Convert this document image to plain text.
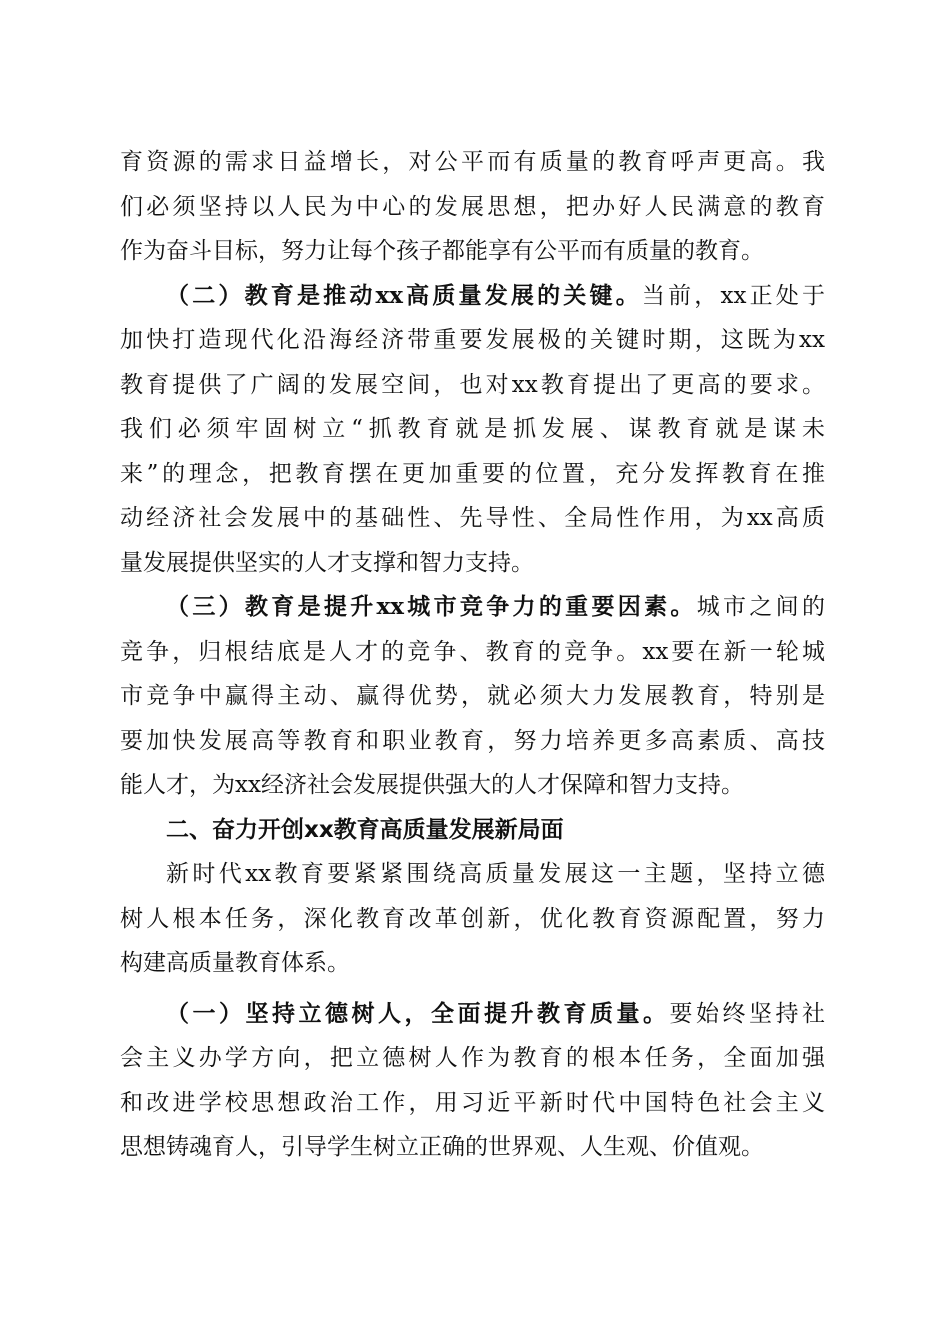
育资源的需求日益增长，对公平而有质量的教育呼声更高。我
们必须坚持以人民为中心的发展思想，把办好人民满意的教育
作为奋斗目标，努力让每个孩子都能享有公平而有质量的教育。
（二）教育是推动xx高质量发展的关键。当前，xx正处于
加快打造现代化沿海经济带重要发展极的关键时期，这既为xx
教育提供了广阔的发展空间，也对xx教育提出了更高的要求。
我们必须牢固树立“抓教育就是抓发展、谋教育就是谋未
来”的理念，把教育摆在更加重要的位置，充分发挥教育在推
动经济社会发展中的基础性、先导性、全局性作用，为xx高质
量发展提供坚实的人才支撑和智力支持。
（三）教育是提升xx城市竞争力的重要因素。城市之间的
竞争，归根结底是人才的竞争、教育的竞争。xx要在新一轮城
市竞争中赢得主动、赢得优势，就必须大力发展教育，特别是
要加快发展高等教育和职业教育，努力培养更多高素质、高技
能人才，为xx经济社会发展提供强大的人才保障和智力支持。
二、奋力开创xx教育高质量发展新局面
新时代xx教育要紧紧围绕高质量发展这一主题，坚持立德
树人根本任务，深化教育改革创新，优化教育资源配置，努力
构建高质量教育体系。
（一）坚持立德树人，全面提升教育质量。要始终坚持社
会主义办学方向，把立德树人作为教育的根本任务，全面加强
和改进学校思想政治工作，用习近平新时代中国特色社会主义
思想铸魂育人，引导学生树立正确的世界观、人生观、价值观。
